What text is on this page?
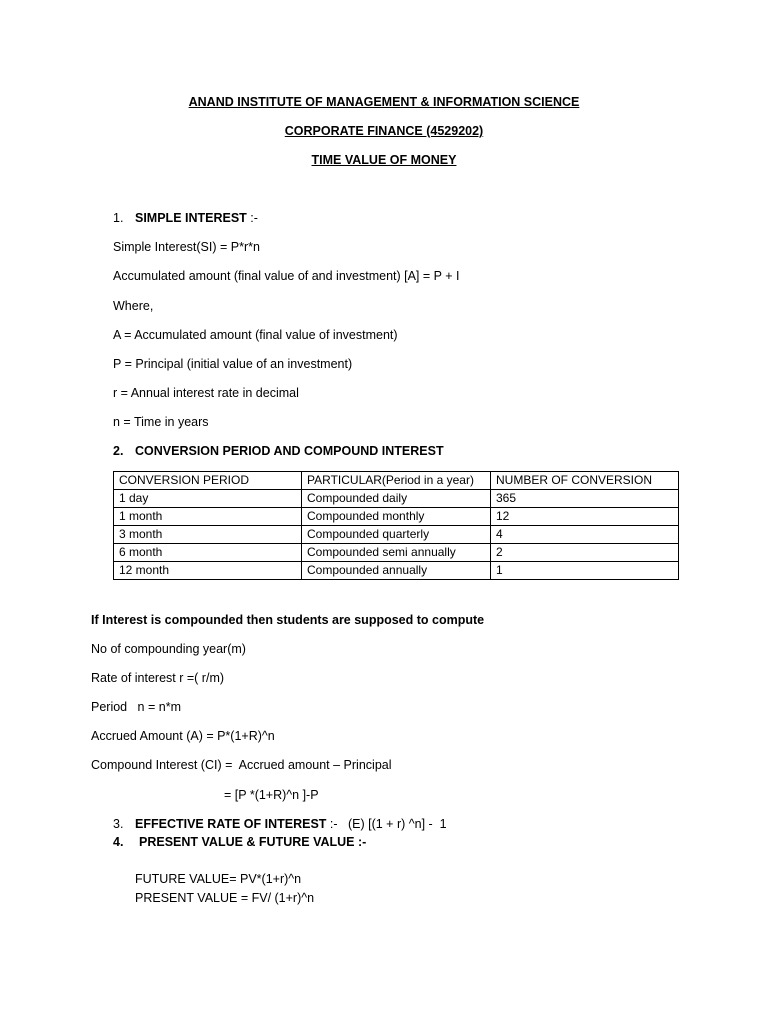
ANAND INSTITUTE OF MANAGEMENT & INFORMATION SCIENCE
CORPORATE FINANCE (4529202)
TIME VALUE OF MONEY
1. SIMPLE INTEREST :-
Simple Interest(SI) = P*r*n
Accumulated amount (final value of and investment) [A] = P + I
Where,
A = Accumulated amount (final value of investment)
P = Principal (initial value of an investment)
r = Annual interest rate in decimal
n = Time in years
2. CONVERSION PERIOD AND COMPOUND INTEREST
CONVERSION PERIOD	PARTICULAR(Period in a year)	NUMBER OF CONVERSION
1 day	Compounded daily	365
1 month	Compounded monthly	12
3 month	Compounded quarterly	4
6 month	Compounded semi annually	2
12 month	Compounded annually	1
If Interest is compounded then students are supposed to compute
No of compounding year(m)
Rate of interest r =( r/m)
Period   n = n*m
Accrued Amount (A) = P*(1+R)^n
Compound Interest (CI) =  Accrued amount – Principal
= [P *(1+R)^n ]-P
3. EFFECTIVE RATE OF INTEREST :-   (E) [(1 + r) ^n] -  1
4. PRESENT VALUE & FUTURE VALUE :-
FUTURE VALUE= PV*(1+r)^n
PRESENT VALUE = FV/ (1+r)^n
